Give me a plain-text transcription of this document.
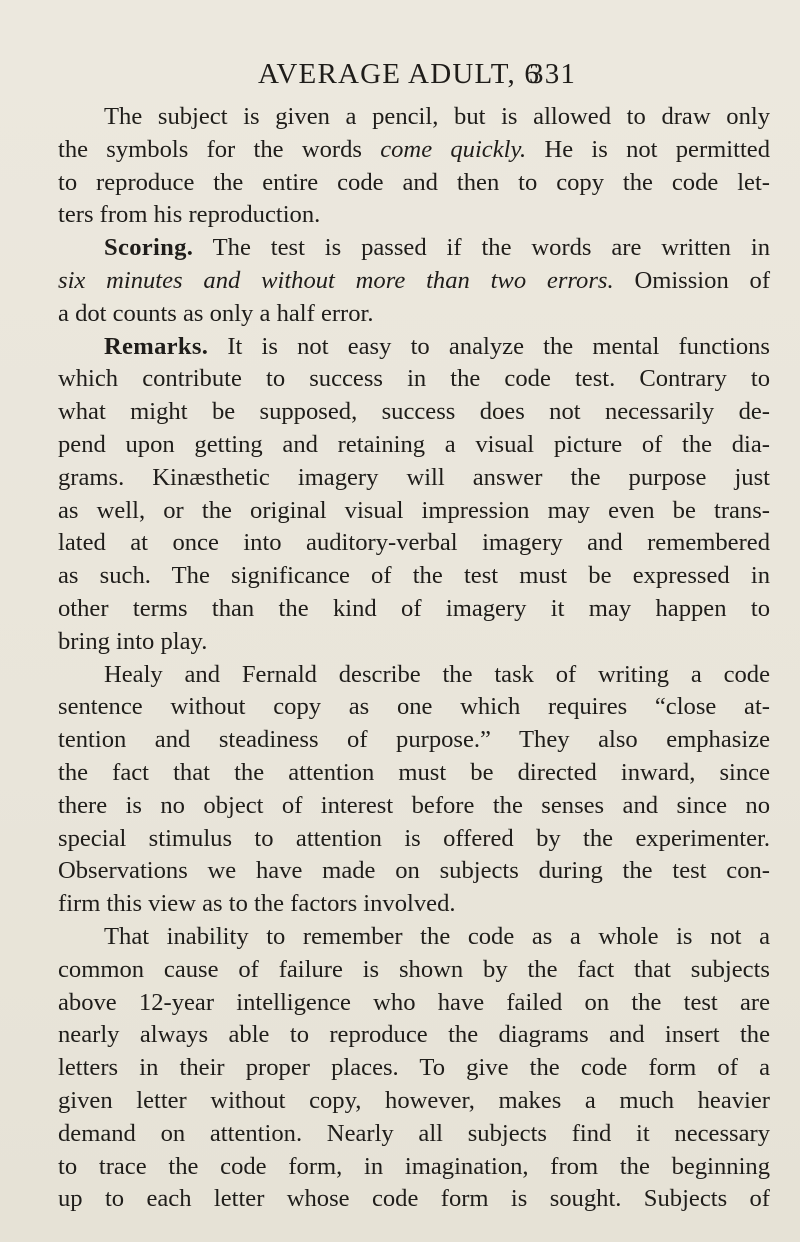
AVERAGE ADULT, 6
331
The subject is given a pencil, but is allowed to draw only
the symbols for the words come quickly. He is not permitted
to reproduce the entire code and then to copy the code let-
ters from his reproduction.
Scoring. The test is passed if the words are written in
six minutes and without more than two errors. Omission of
a dot counts as only a half error.
Remarks. It is not easy to analyze the mental functions
which contribute to success in the code test. Contrary to
what might be supposed, success does not necessarily de-
pend upon getting and retaining a visual picture of the dia-
grams. Kinæsthetic imagery will answer the purpose just
as well, or the original visual impression may even be trans-
lated at once into auditory-verbal imagery and remembered
as such. The significance of the test must be expressed in
other terms than the kind of imagery it may happen to
bring into play.
Healy and Fernald describe the task of writing a code
sentence without copy as one which requires “close at-
tention and steadiness of purpose.” They also emphasize
the fact that the attention must be directed inward, since
there is no object of interest before the senses and since no
special stimulus to attention is offered by the experimenter.
Observations we have made on subjects during the test con-
firm this view as to the factors involved.
That inability to remember the code as a whole is not a
common cause of failure is shown by the fact that subjects
above 12-year intelligence who have failed on the test are
nearly always able to reproduce the diagrams and insert the
letters in their proper places. To give the code form of a
given letter without copy, however, makes a much heavier
demand on attention. Nearly all subjects find it necessary
to trace the code form, in imagination, from the beginning
up to each letter whose code form is sought. Subjects of
